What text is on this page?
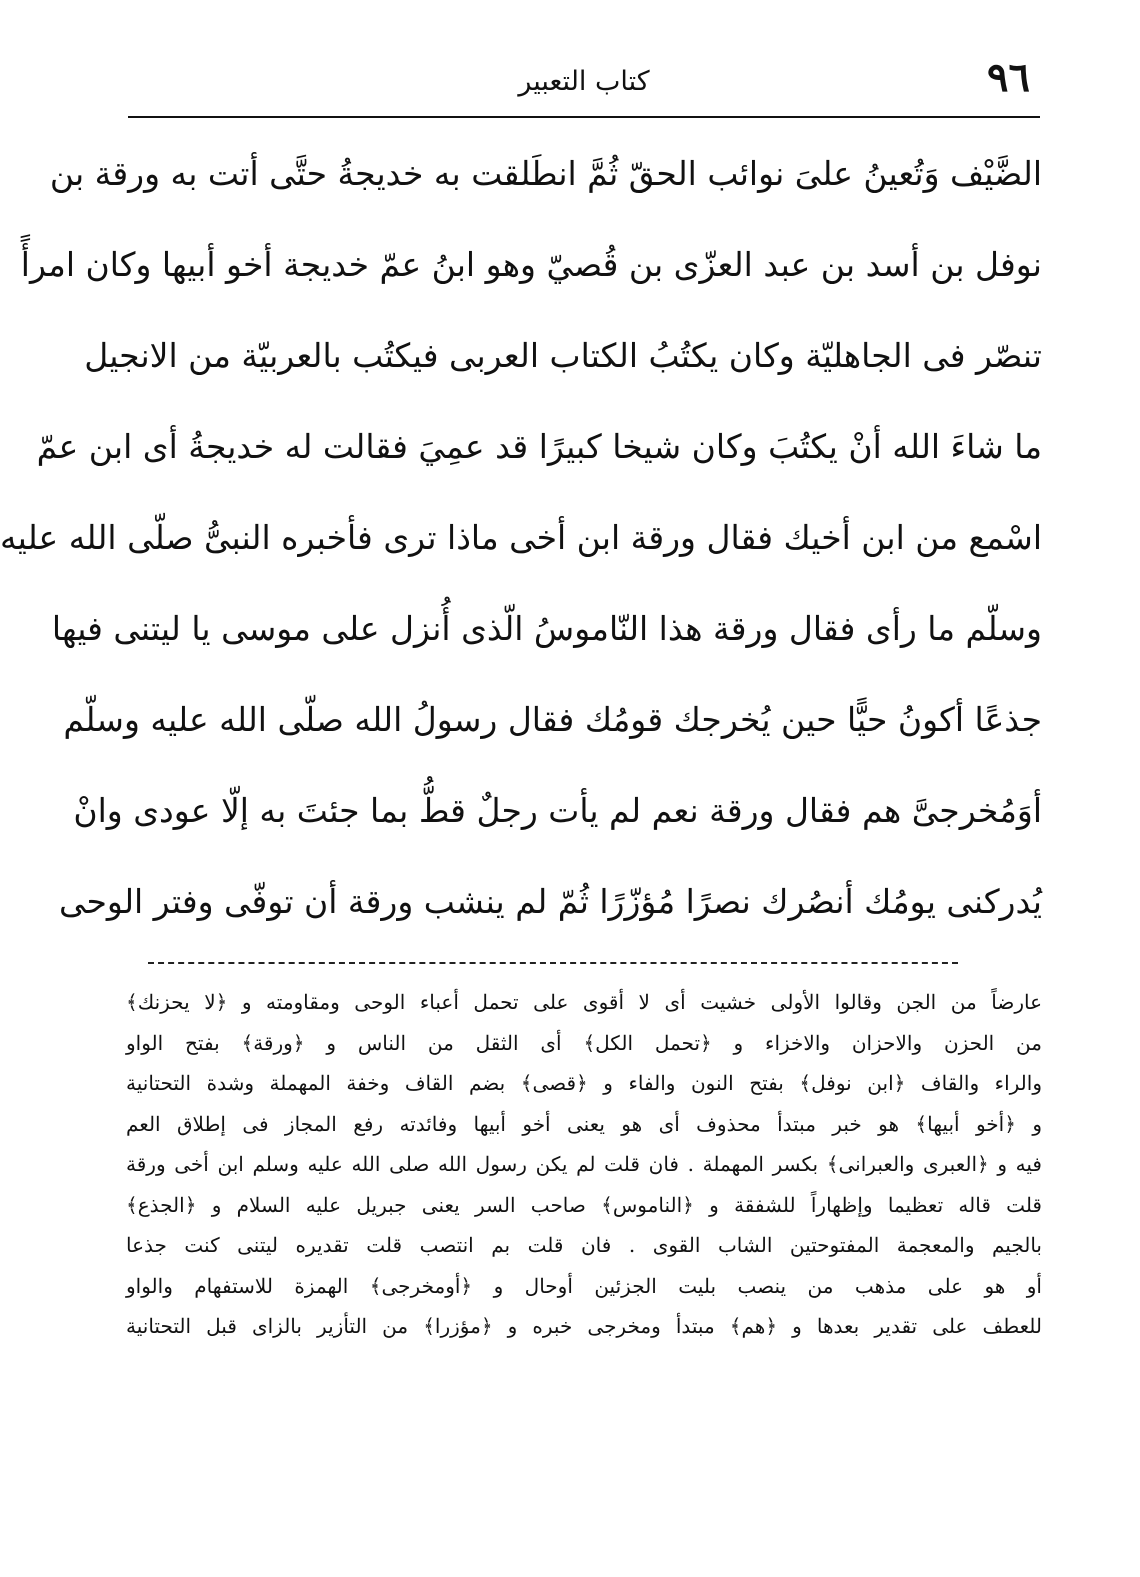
٩٦
كتاب التعبير
الضَّيْف وَتُعينُ علىَ نوائب الحقّ ثُمَّ انطَلقت به خديجةُ حتَّى أتت به ورقة بن
نوفل بن أسد بن عبد العزّى بن قُصيّ وهو ابنُ عمّ خديجة أخو أبيها وكان امرأً
تنصّر فى الجاهليّة وكان يكتُبُ الكتاب العربى فيكتُب بالعربيّة من الانجيل
ما شاءَ الله أنْ يكتُبَ وكان شيخا كبيرًا قد عمِيَ فقالت له خديجةُ أى ابن عمّ
اسْمع من ابن أخيك فقال ورقة ابن أخى ماذا ترى فأخبره النبىُّ صلّى الله عليه
وسلّم ما رأى فقال ورقة هذا النّاموسُ الّذى أُنزل على موسى يا ليتنى فيها
جذعًا أكونُ حيًّا حين يُخرجك قومُك فقال رسولُ الله صلّى الله عليه وسلّم
أوَمُخرجىَّ هم فقال ورقة نعم لم يأت رجلٌ قطُّ بما جئتَ به إلّا عودى وانْ
يُدركنى يومُك أنصُرك نصرًا مُؤزّرًا ثُمّ لم ينشب ورقة أن توفّى وفتر الوحى
عارضاً من الجن وقالوا الأولى خشيت أى لا أقوى على تحمل أعباء الوحى ومقاومته و ﴿لا يحزنك﴾
من الحزن والاحزان والاخزاء و ﴿تحمل الكل﴾ أى الثقل من الناس و ﴿ورقة﴾ بفتح الواو
والراء والقاف ﴿ابن نوفل﴾ بفتح النون والفاء و ﴿قصى﴾ بضم القاف وخفة المهملة وشدة التحتانية
و ﴿أخو أبيها﴾ هو خبر مبتدأ محذوف أى هو يعنى أخو أبيها وفائدته رفع المجاز فى إطلاق العم
فيه و ﴿العبرى والعبرانى﴾ بكسر المهملة . فان قلت لم يكن رسول الله صلى الله عليه وسلم ابن أخى ورقة
قلت قاله تعظيما وإظهاراً للشفقة و ﴿الناموس﴾ صاحب السر يعنى جبريل عليه السلام و ﴿الجذع﴾
بالجيم والمعجمة المفتوحتين الشاب القوى . فان قلت بم انتصب قلت تقديره ليتنى كنت جذعا
أو هو على مذهب من ينصب بليت الجزئين أوحال و ﴿أومخرجى﴾ الهمزة للاستفهام والواو
للعطف على تقدير بعدها و ﴿هم﴾ مبتدأ ومخرجى خبره و ﴿مؤزرا﴾ من التأزير بالزاى قبل التحتانية
